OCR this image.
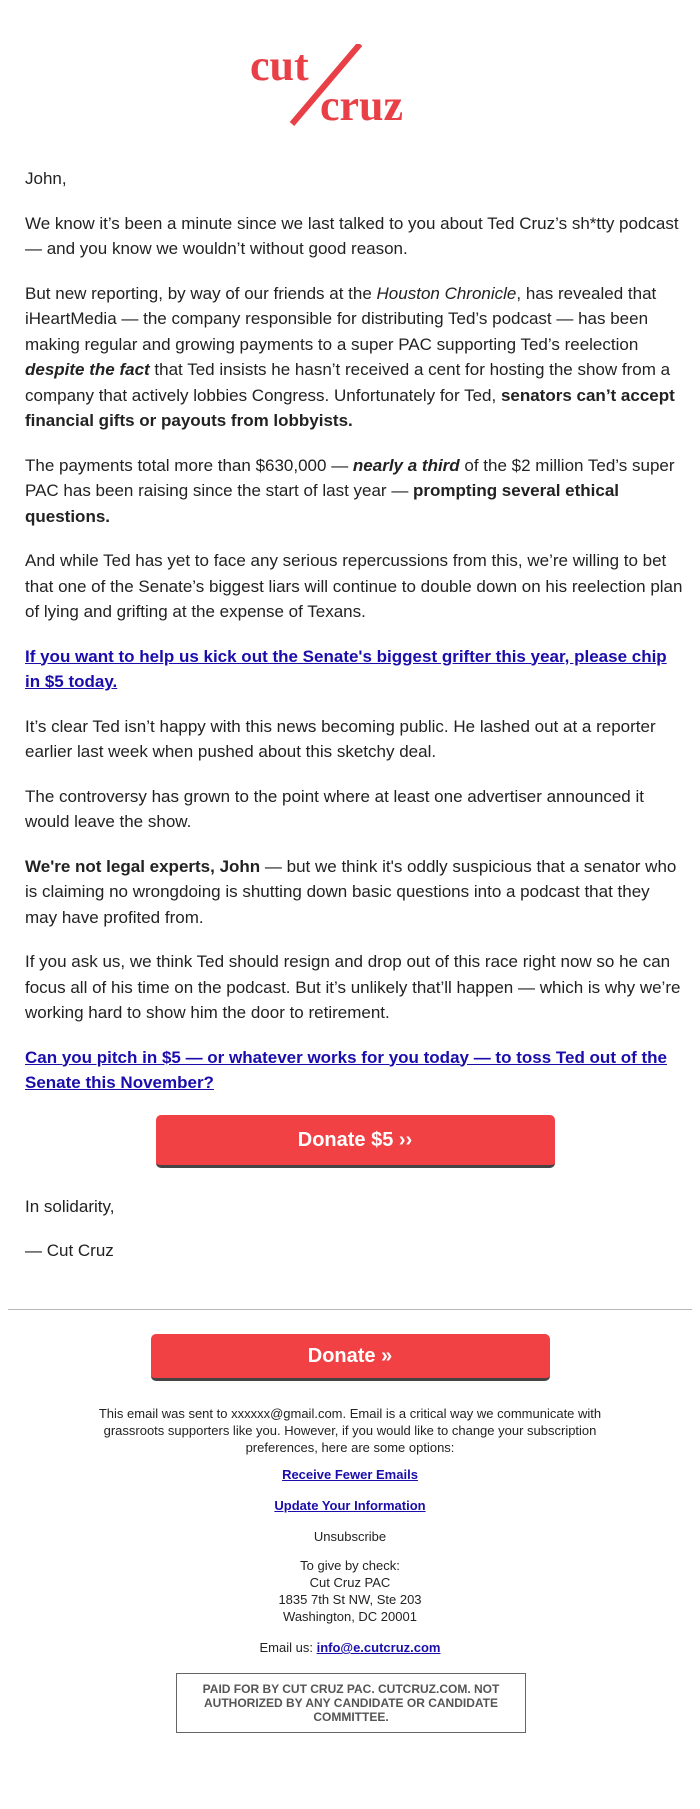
cut
cruz

John,

We know it’s been a minute since we last talked to you about Ted Cruz’s sh*tty podcast — and you know we wouldn’t without good reason.

But new reporting, by way of our friends at the Houston Chronicle, has revealed that iHeartMedia — the company responsible for distributing Ted’s podcast — has been making regular and growing payments to a super PAC supporting Ted’s reelection despite the fact that Ted insists he hasn’t received a cent for hosting the show from a company that actively lobbies Congress. Unfortunately for Ted, senators can’t accept financial gifts or payouts from lobbyists.

The payments total more than $630,000 — nearly a third of the $2 million Ted’s super PAC has been raising since the start of last year — prompting several ethical questions.

And while Ted has yet to face any serious repercussions from this, we’re willing to bet that one of the Senate’s biggest liars will continue to double down on his reelection plan of lying and grifting at the expense of Texans.

If you want to help us kick out the Senate's biggest grifter this year, please chip in $5 today.

It’s clear Ted isn’t happy with this news becoming public. He lashed out at a reporter earlier last week when pushed about this sketchy deal.

The controversy has grown to the point where at least one advertiser announced it would leave the show.

We're not legal experts, John — but we think it's oddly suspicious that a senator who is claiming no wrongdoing is shutting down basic questions into a podcast that they may have profited from.

If you ask us, we think Ted should resign and drop out of this race right now so he can focus all of his time on the podcast. But it’s unlikely that’ll happen — which is why we’re working hard to show him the door to retirement.

Can you pitch in $5 — or whatever works for you today — to toss Ted out of the Senate this November?

Donate $5 ››

In solidarity,

— Cut Cruz

Donate »
This email was sent to xxxxxx@gmail.com. Email is a critical way we communicate with grassroots supporters like you. However, if you would like to change your subscription preferences, here are some options:
Receive Fewer Emails
Update Your Information
Unsubscribe
To give by check:
Cut Cruz PAC
1835 7th St NW, Ste 203
Washington, DC 20001
Email us: info@e.cutcruz.com
PAID FOR BY CUT CRUZ PAC. CUTCRUZ.COM. NOT AUTHORIZED BY ANY CANDIDATE OR CANDIDATE COMMITTEE.
